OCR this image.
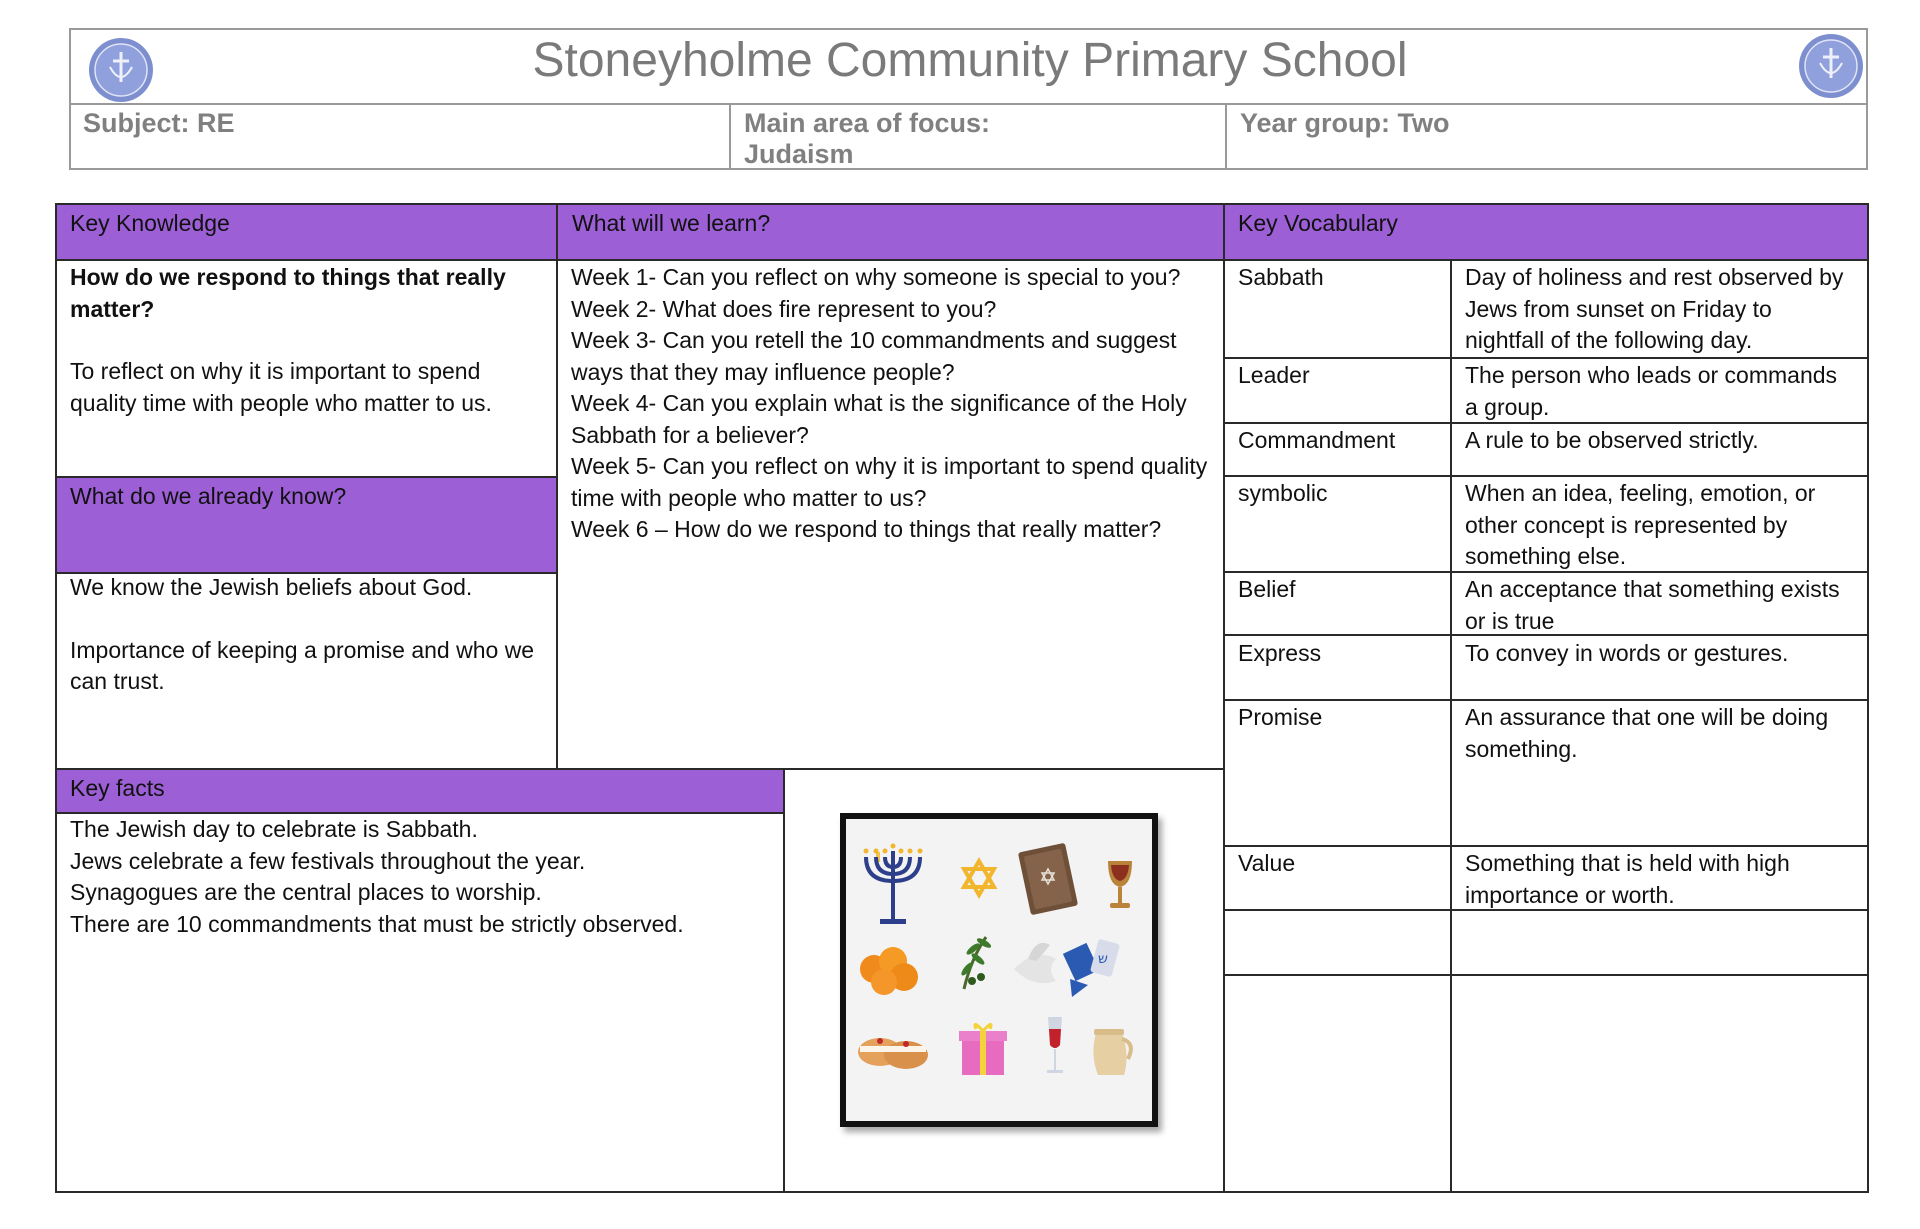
Stoneyholme Community Primary School
Subject: RE	Main area of focus:
Judaism
Year group: Two
Key Knowledge	What will we learn?	Key Vocabulary
What do we already know?
Key facts

How do we respond to things that really matter?

To reflect on why it is important to spend quality time with people who matter to us.

We know the Jewish beliefs about God.

Importance of keeping a promise and who we can trust.

Week 1- Can you reflect on why someone is special to you?

Week 2- What does fire represent to you?

Week 3- Can you retell the 10 commandments and suggest ways that they may influence people?

Week 4- Can you explain what is the significance of the Holy Sabbath for a believer?

Week 5- Can you reflect on why it is important to spend quality time with people who matter to us?

Week 6 – How do we respond to things that really matter?

The Jewish day to celebrate is Sabbath.

Jews celebrate a few festivals throughout the year.

Synagogues are the central places to worship.

There are 10 commandments that must be strictly observed.

ש
Sabbath	Day of holiness and rest observed by Jews from sunset on Friday to nightfall of the following day.
Leader	The person who leads or commands a group.
Commandment	A rule to be observed strictly.
symbolic	When an idea, feeling, emotion, or other concept is represented by something else.
Belief	An acceptance that something exists or is true
Express	To convey in words or gestures.
Promise	An assurance that one will be doing something.
Value	Something that is held with high importance or worth.
